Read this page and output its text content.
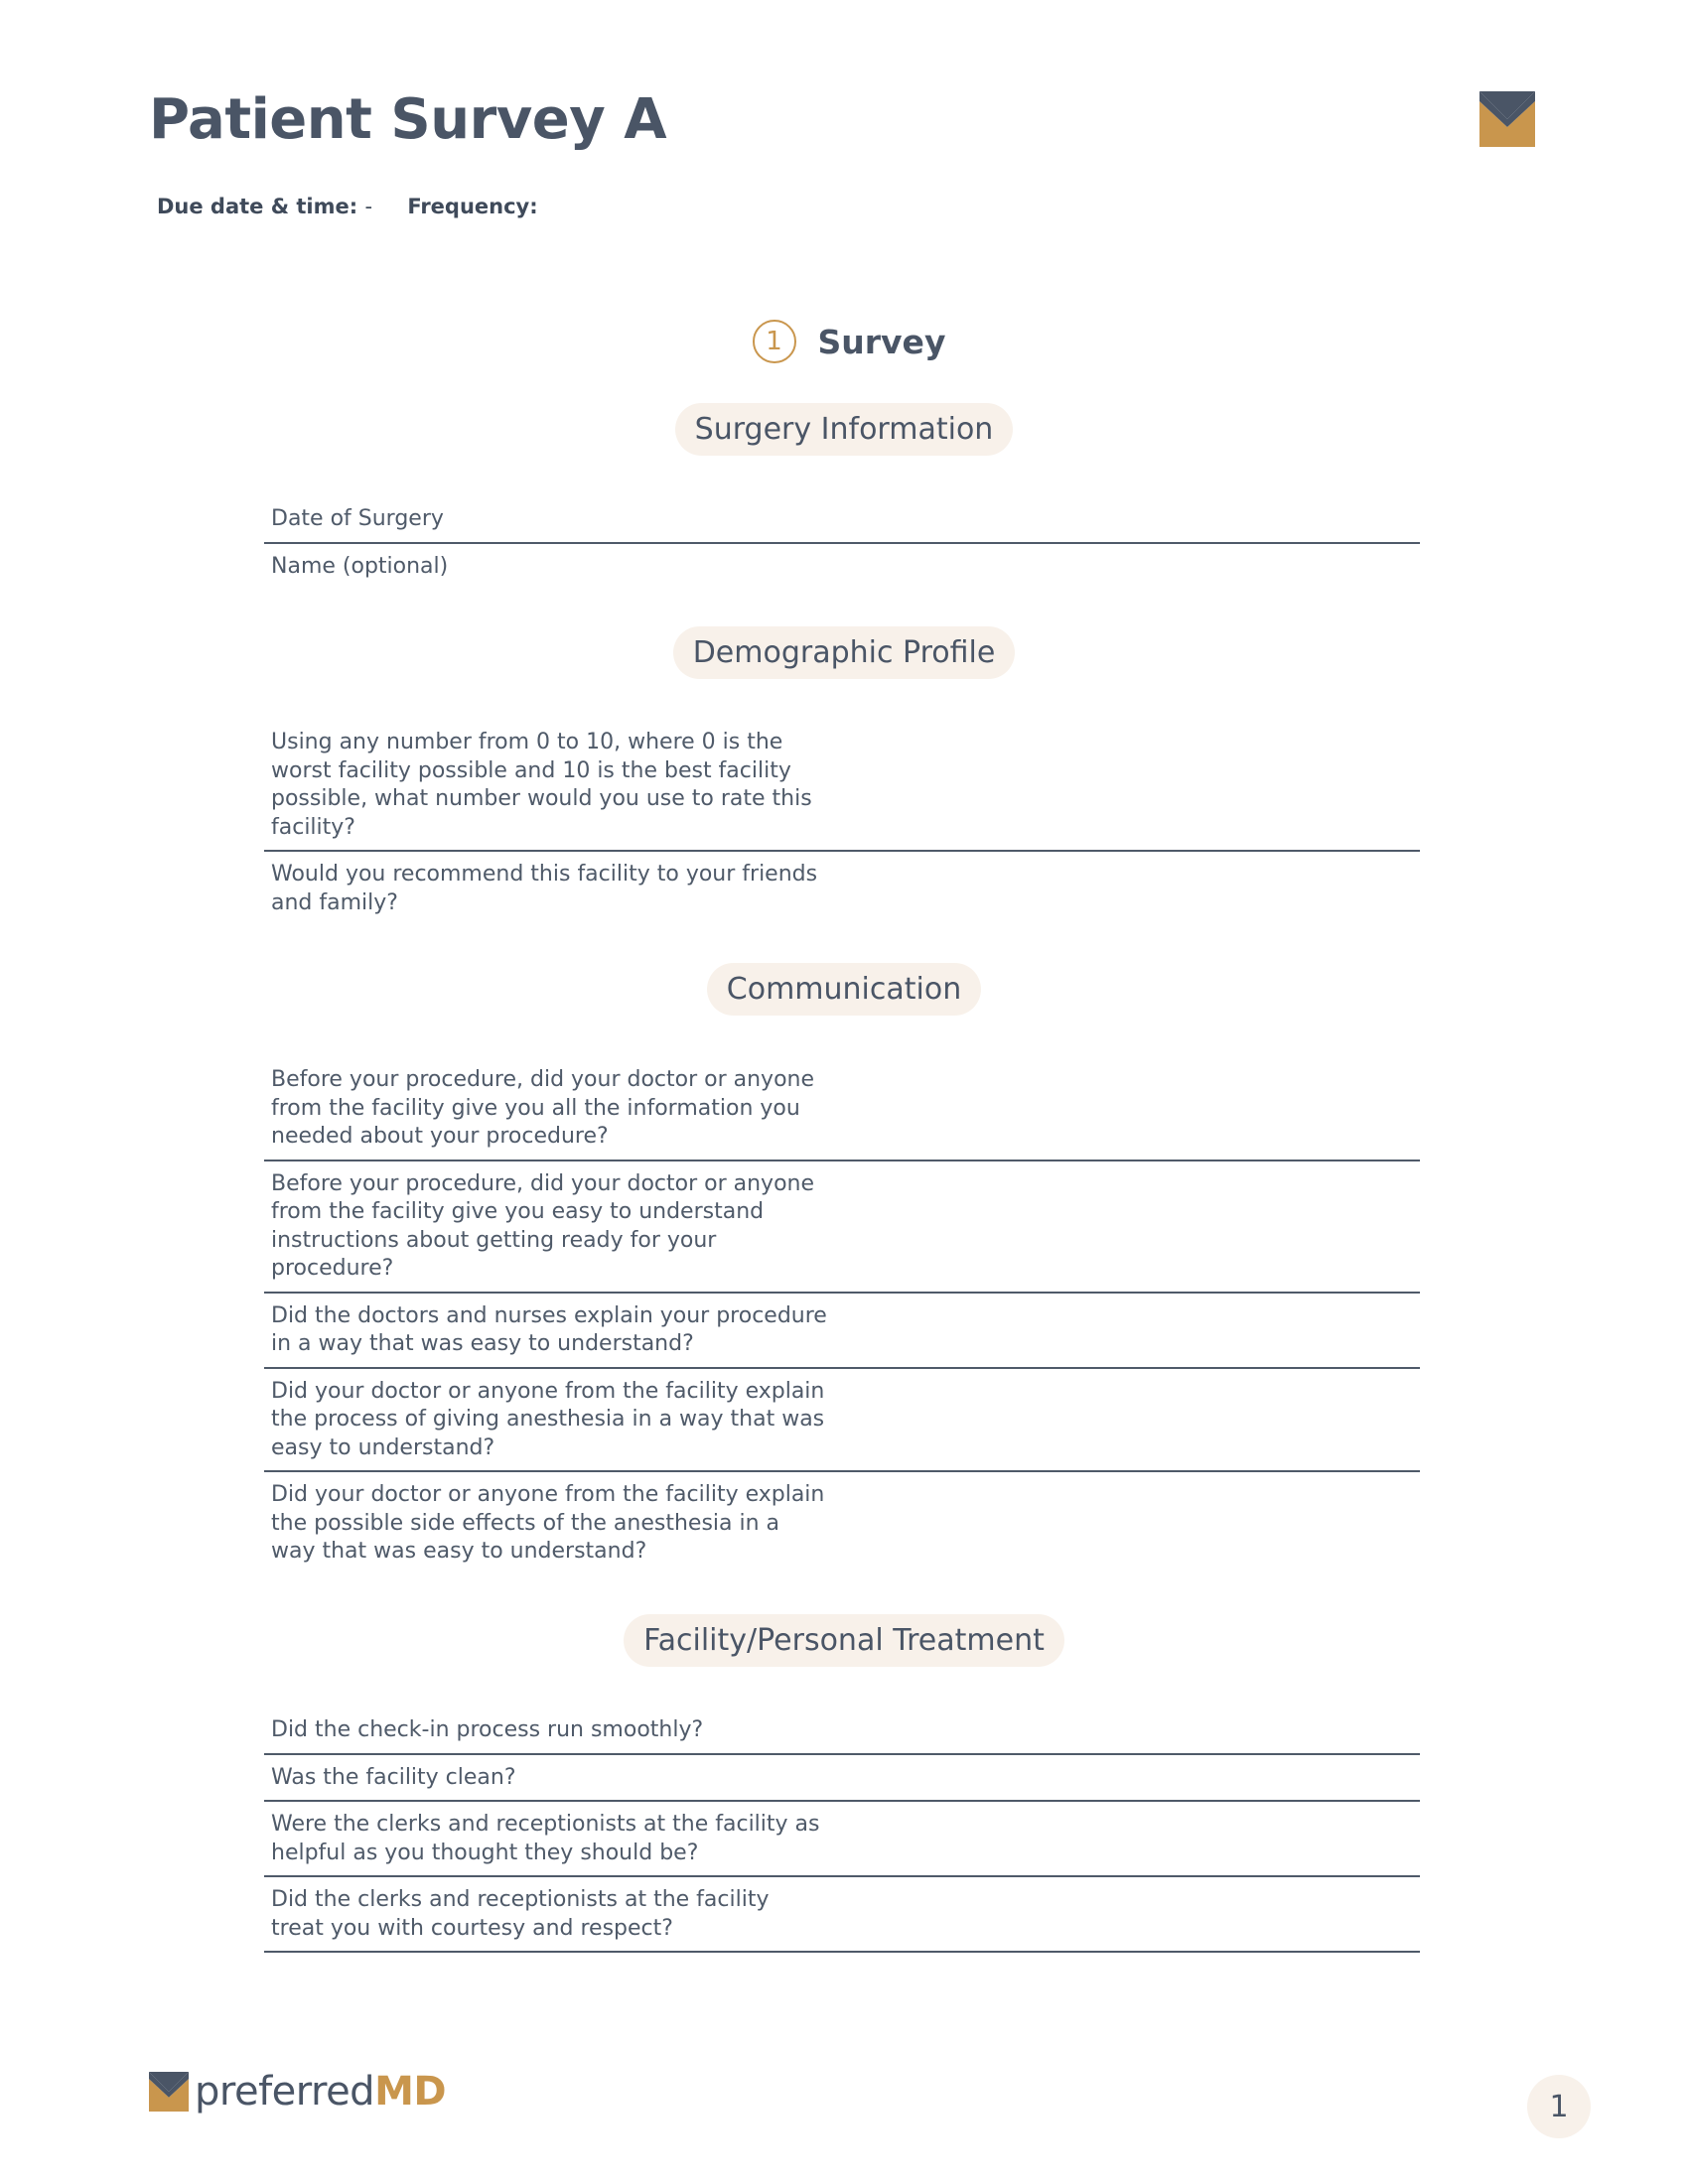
Patient Survey A
Due date & time: - Frequency:
1	Survey
Surgery Information
Date of Surgery
Name (optional)
Demographic Profile
Using any number from 0 to 10, where 0 is the worst facility possible and 10 is the best facility possible, what number would you use to rate this facility?
Would you recommend this facility to your friends and family?
Communication
Before your procedure, did your doctor or anyone from the facility give you all the information you needed about your procedure?
Before your procedure, did your doctor or anyone from the facility give you easy to understand instructions about getting ready for your procedure?
Did the doctors and nurses explain your procedure in a way that was easy to understand?
Did your doctor or anyone from the facility explain the process of giving anesthesia in a way that was easy to understand?
Did your doctor or anyone from the facility explain the possible side effects of the anesthesia in a way that was easy to understand?
Facility/Personal Treatment
Did the check-in process run smoothly?
Was the facility clean?
Were the clerks and receptionists at the facility as helpful as you thought they should be?
Did the clerks and receptionists at the facility treat you with courtesy and respect?
preferredMD	1
